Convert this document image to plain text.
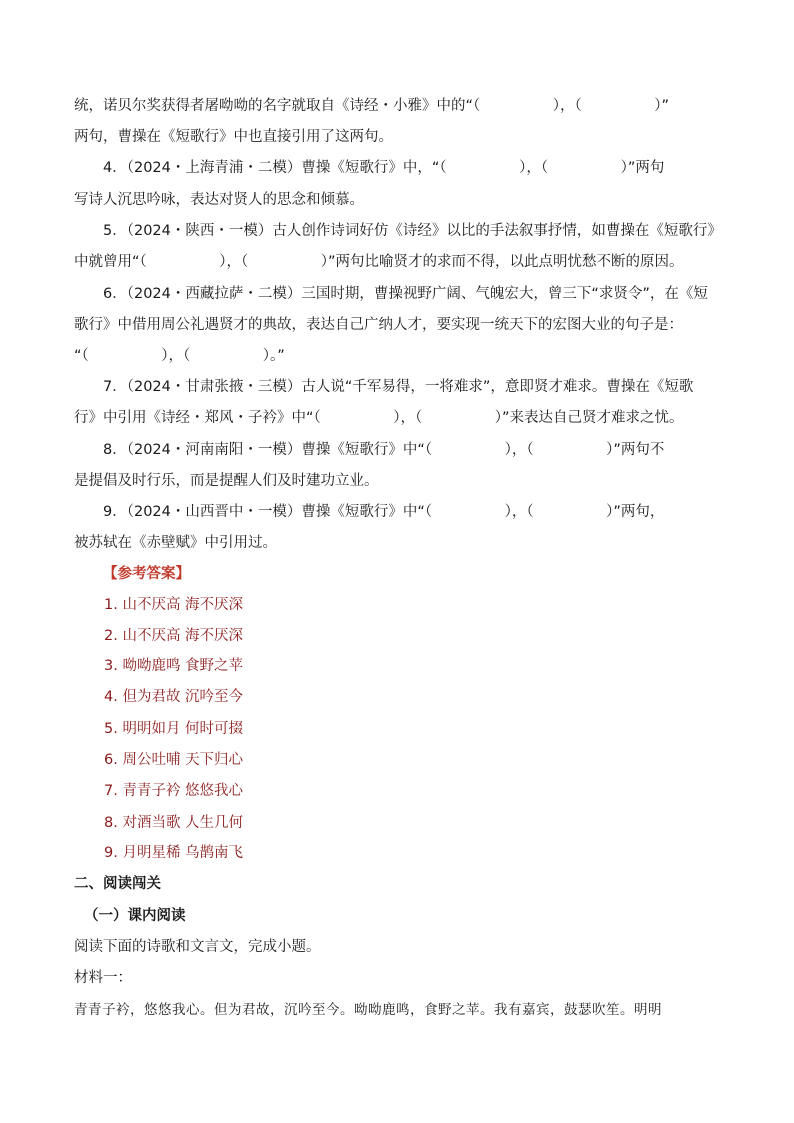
统，诺贝尔奖获得者屠呦呦的名字就取自《诗经・小雅》中的“（　　　　　），（　　　　　）”
两句，曹操在《短歌行》中也直接引用了这两句。
　　4．（2024・上海青浦・二模）曹操《短歌行》中，“（　　　　　），（　　　　　）”两句
写诗人沉思吟咏，表达对贤人的思念和倾慕。
　　5．（2024・陕西・一模）古人创作诗词好仿《诗经》以比的手法叙事抒情，如曹操在《短歌行》
中就曾用“（　　　　　），（　　　　　）”两句比喻贤才的求而不得，以此点明忧愁不断的原因。
　　6．（2024・西藏拉萨・二模）三国时期，曹操视野广阔、气魄宏大，曾三下“求贤令”，在《短
歌行》中借用周公礼遇贤才的典故，表达自己广纳人才，要实现一统天下的宏图大业的句子是：
“（　　　　　），（　　　　　）。”
　　7．（2024・甘肃张掖・三模）古人说“千军易得，一将难求”，意即贤才难求。曹操在《短歌
行》中引用《诗经・郑风・子衿》中“（　　　　　），（　　　　　）”来表达自己贤才难求之忧。
　　8．（2024・河南南阳・一模）曹操《短歌行》中“（　　　　　），（　　　　　）”两句不
是提倡及时行乐，而是提醒人们及时建功立业。
　　9．（2024・山西晋中・一模）曹操《短歌行》中“（　　　　　），（　　　　　）”两句，
被苏轼在《赤壁赋》中引用过。
【参考答案】
1. 山不厌高 海不厌深
2. 山不厌高 海不厌深
3. 呦呦鹿鸣 食野之苹
4. 但为君故 沉吟至今
5. 明明如月 何时可掇
6. 周公吐哺 天下归心
7. 青青子衿 悠悠我心
8. 对酒当歌 人生几何
9. 月明星稀 乌鹊南飞
二、阅读闯关
（一）课内阅读
阅读下面的诗歌和文言文，完成小题。
材料一：
青青子衿，悠悠我心。但为君故，沉吟至今。呦呦鹿鸣，食野之苹。我有嘉宾，鼓瑟吹笙。明明
